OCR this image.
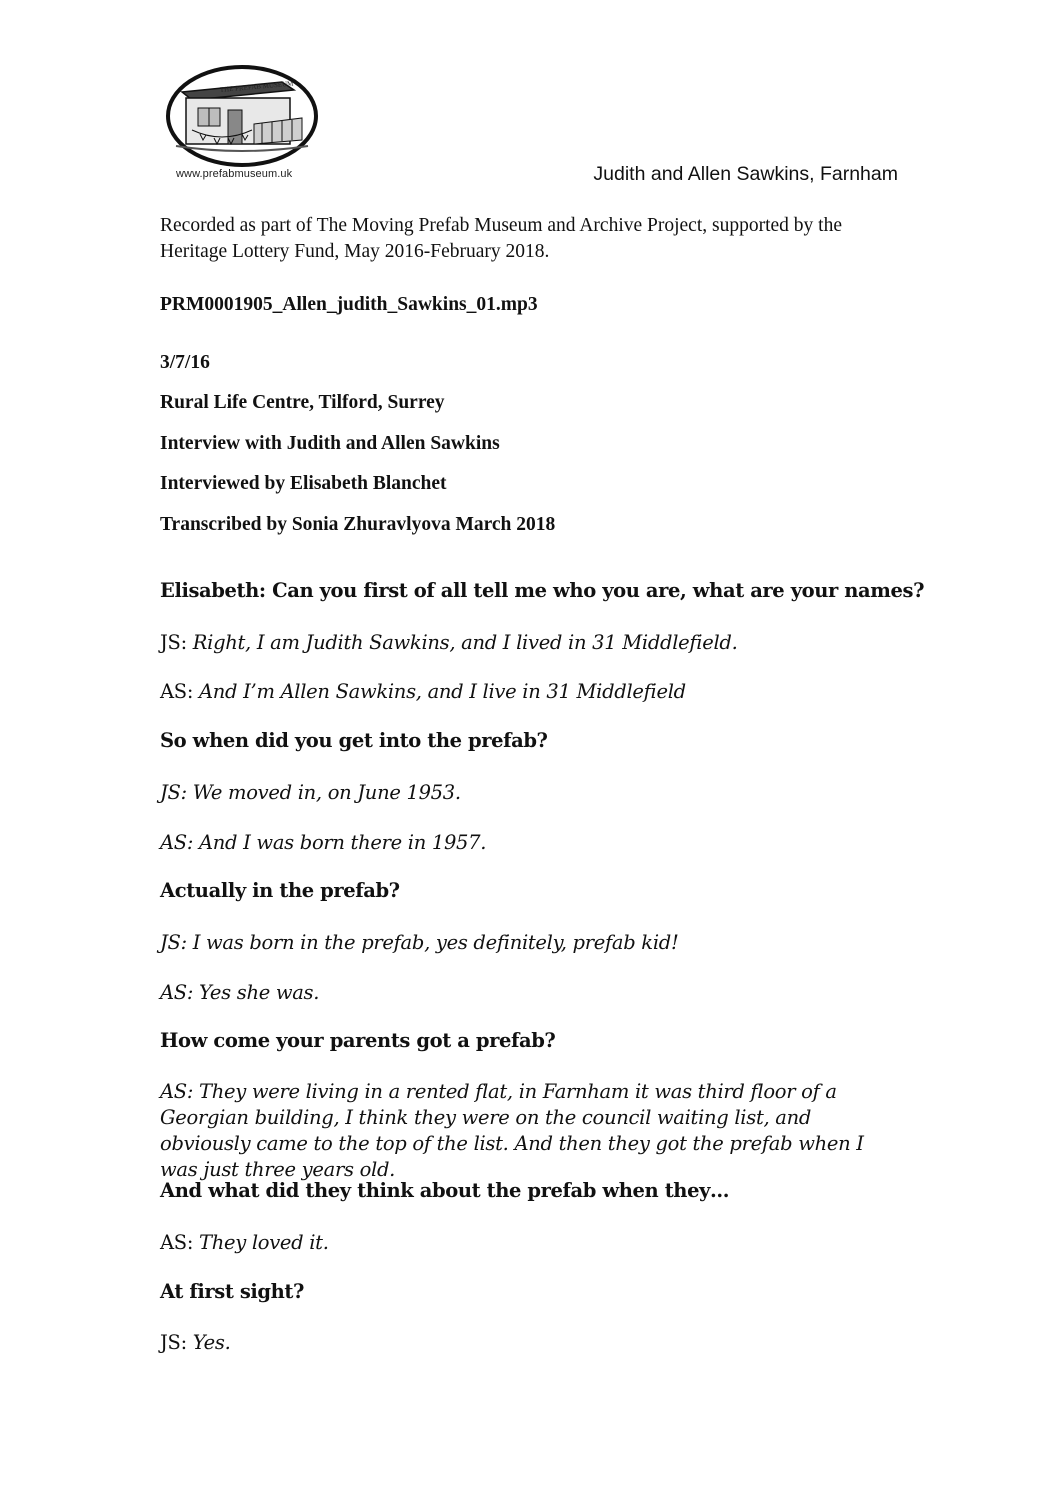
THE PREFAB MUSEUM
www.prefabmuseum.uk	Judith and Allen Sawkins, Farnham
Recorded as part of The Moving Prefab Museum and Archive Project, supported by the Heritage Lottery Fund, May 2016-February 2018.
PRM0001905_Allen_judith_Sawkins_01.mp3
3/7/16
Rural Life Centre, Tilford, Surrey
Interview with Judith and Allen Sawkins
Interviewed by Elisabeth Blanchet
Transcribed by Sonia Zhuravlyova March 2018
Elisabeth: Can you first of all tell me who you are, what are your names?
JS: Right, I am Judith Sawkins, and I lived in 31 Middlefield.
AS: And I’m Allen Sawkins, and I live in 31 Middlefield
So when did you get into the prefab?
JS: We moved in, on June 1953.
AS: And I was born there in 1957.
Actually in the prefab?
JS: I was born in the prefab, yes definitely, prefab kid!
AS: Yes she was.
How come your parents got a prefab?
AS: They were living in a rented flat, in Farnham it was third floor of a Georgian building, I think they were on the council waiting list, and obviously came to the top of the list. And then they got the prefab when I was just three years old.
And what did they think about the prefab when they…
AS: They loved it.
At first sight?
JS: Yes.
